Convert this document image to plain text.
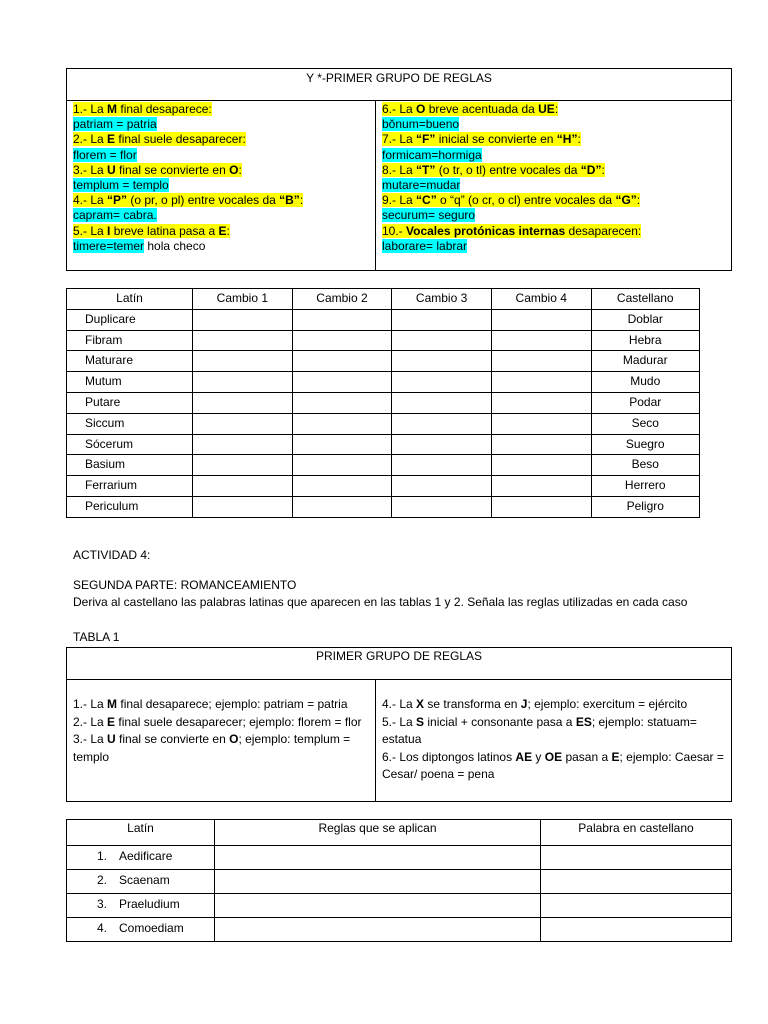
Y *-PRIMER GRUPO DE REGLAS

1.- La M final desaparece:
patriam = patria
2.- La E final suele desaparecer:
florem = flor
3.- La U final se convierte en O:
templum = templo
4.- La “P” (o pr, o pl) entre vocales da “B”:
capram= cabra.
5.- La I breve latina pasa a E:
timere=temer hola checo

6.- La O breve acentuada da UE:
bŏnum=bueno
7.- La “F” inicial se convierte en “H”:
formicam=hormiga
8.- La “T” (o tr, o tl) entre vocales da “D”:
mutare=mudar
9.- La “C” o “q” (o cr, o cl) entre vocales da “G”:
securum= seguro
10.- Vocales protónicas internas desaparecen:
laborare= labrar
Latín	Cambio 1	Cambio 2	Cambio 3	Cambio 4	Castellano
Duplicare					Doblar
Fibram					Hebra
Maturare					Madurar
Mutum					Mudo
Putare					Podar
Siccum					Seco
Sócerum					Suegro
Basium					Beso
Ferrarium					Herrero
Periculum					Peligro
ACTIVIDAD 4:
SEGUNDA PARTE: ROMANCEAMIENTO
Deriva al castellano las palabras latinas que aparecen en las tablas 1 y 2. Señala las reglas utilizadas en cada caso
TABLA 1
PRIMER GRUPO DE REGLAS

1.- La M final desaparece; ejemplo: patriam = patria
2.- La E final suele desaparecer; ejemplo: florem = flor
3.- La U final se convierte en O; ejemplo: templum = templo

4.- La X se transforma en J; ejemplo: exercitum = ejército
5.- La S inicial + consonante pasa a ES; ejemplo: statuam= estatua
6.- Los diptongos latinos AE y OE pasan a E; ejemplo: Caesar = Cesar/ poena = pena
Latín	Reglas que se aplican	Palabra en castellano
1. Aedificare		
2. Scaenam		
3. Praeludium		
4. Comoediam		
